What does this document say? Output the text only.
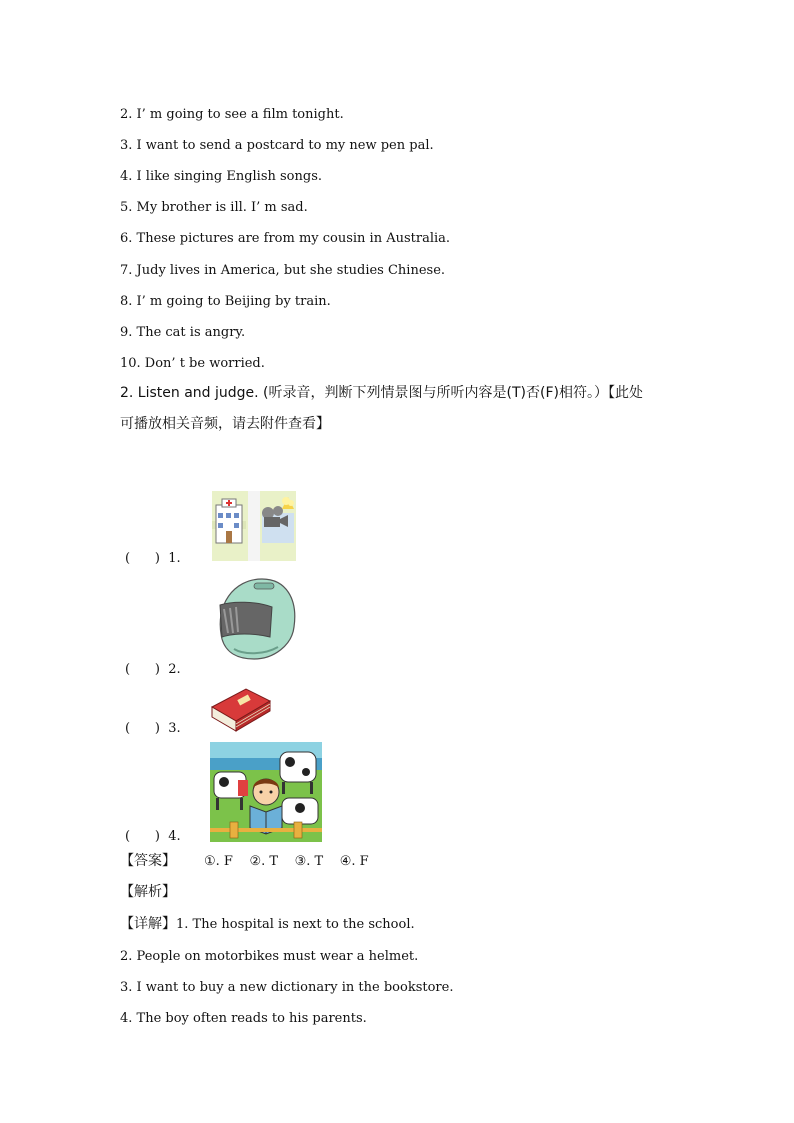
2. I’ m going to see a film tonight.
3. I want to send a postcard to my new pen pal.
4. I like singing English songs.
5. My brother is ill. I’ m sad.
6. These pictures are from my cousin in Australia.
7. Judy lives in America, but she studies Chinese.
8. I’ m going to Beijing by train.
9. The cat is angry.
10. Don’ t be worried.
2. Listen and judge. (听录音，判断下列情景图与所听内容是(T)否(F)相符。）【此处
可播放相关音频，请去附件查看】
(      )  1.
(      )  2.
(      )  3.
(      )  4.
【答案】 ①. F    ②. T    ③. T    ④. F
【解析】
【详解】1. The hospital is next to the school.
2. People on motorbikes must wear a helmet.
3. I want to buy a new dictionary in the bookstore.
4. The boy often reads to his parents.
